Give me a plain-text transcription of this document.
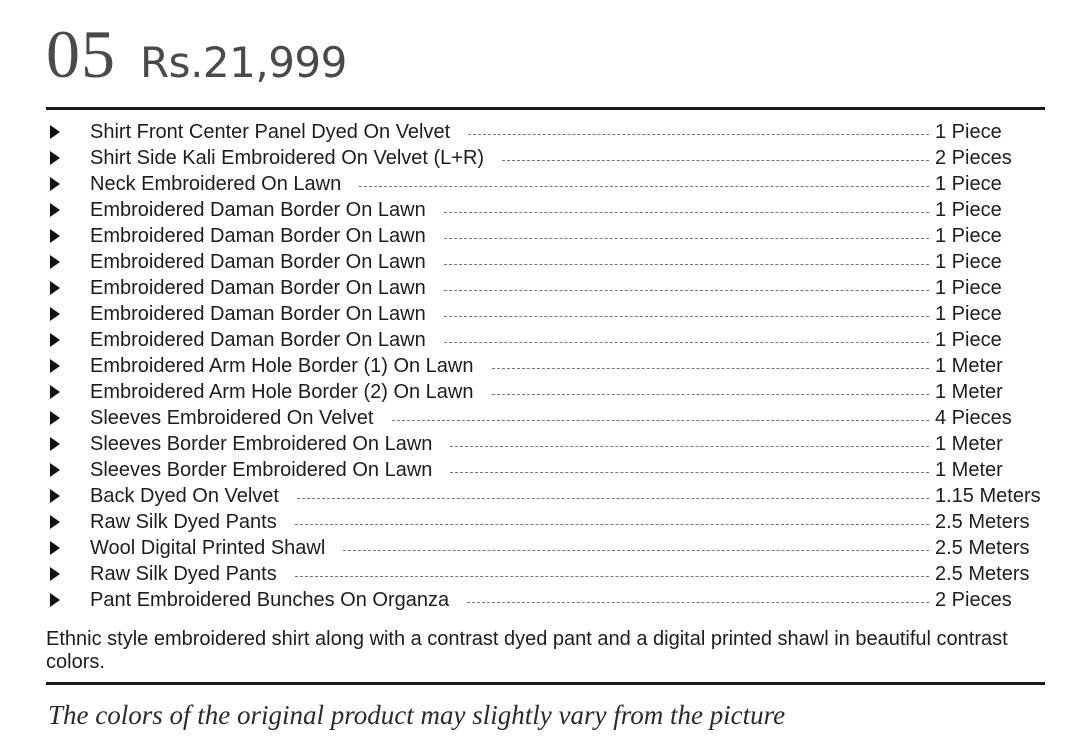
05 Rs.21,999
Shirt Front Center Panel Dyed On Velvet	1 Piece
Shirt Side Kali Embroidered On Velvet (L+R)	2 Pieces
Neck Embroidered On Lawn	1 Piece
Embroidered Daman Border On Lawn	1 Piece
Embroidered Daman Border On Lawn	1 Piece
Embroidered Daman Border On Lawn	1 Piece
Embroidered Daman Border On Lawn	1 Piece
Embroidered Daman Border On Lawn	1 Piece
Embroidered Daman Border On Lawn	1 Piece
Embroidered Arm Hole Border (1) On Lawn	1 Meter
Embroidered Arm Hole Border (2) On Lawn	1 Meter
Sleeves Embroidered On Velvet	4 Pieces
Sleeves Border Embroidered On Lawn	1 Meter
Sleeves Border Embroidered On Lawn	1 Meter
Back Dyed On Velvet	1.15 Meters
Raw Silk Dyed Pants	2.5 Meters
Wool Digital Printed Shawl	2.5 Meters
Raw Silk Dyed Pants	2.5 Meters
Pant Embroidered Bunches On Organza	2 Pieces
Ethnic style embroidered shirt along with a contrast dyed pant and a digital printed shawl in beautiful contrast colors.
The colors of the original product may slightly vary from the picture
